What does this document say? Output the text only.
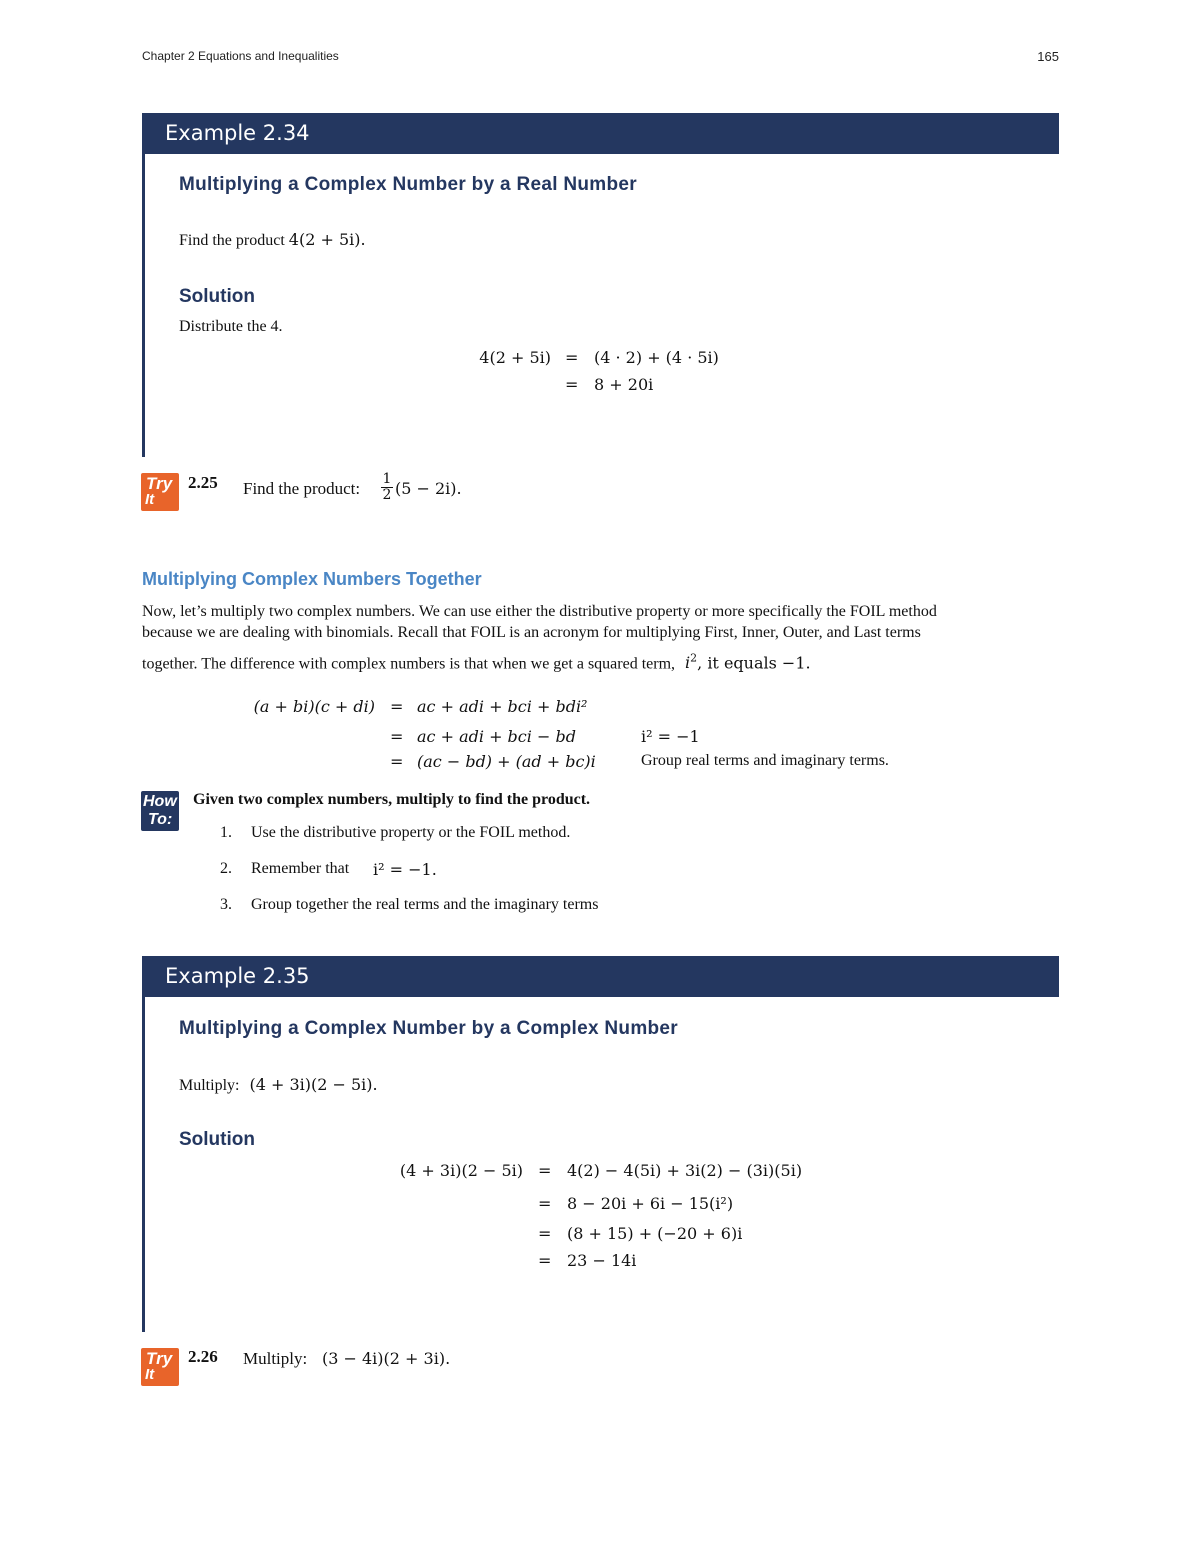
Chapter 2 Equations and Inequalities	165
Example 2.34
Multiplying a Complex Number by a Real Number
Find the product 4(2 + 5i).
Solution
Distribute the 4.
4(2 + 5i) = (4 · 2) + (4 · 5i)
= 8 + 20i
Try
It
2.25 Find the product: $\frac{1}{2} (5 - 2i)$.
Multiplying Complex Numbers Together
Now, let’s multiply two complex numbers. We can use either the distributive property or more specifically the FOIL method
because we are dealing with binomials. Recall that FOIL is an acronym for multiplying First, Inner, Outer, and Last terms
together. The difference with complex numbers is that when we get a squared term, $i^2$, it equals −1.
(a + bi)(c + di) = ac + adi + bci + bdi²
= ac + adi + bci − bd	i² = −1
= (ac − bd) + (ad + bc)i	Group real terms and imaginary terms.
How
To:
Given two complex numbers, multiply to find the product.
1. Use the distributive property or the FOIL method.
2. Remember that i² = −1.
3. Group together the real terms and the imaginary terms
Example 2.35
Multiplying a Complex Number by a Complex Number
Multiply: (4 + 3i)(2 − 5i).
Solution
(4 + 3i)(2 − 5i) = 4(2) − 4(5i) + 3i(2) − (3i)(5i)
= 8 − 20i + 6i − 15(i²)
= (8 + 15) + (−20 + 6)i
= 23 − 14i
Try
It
2.26 Multiply: (3 − 4i)(2 + 3i).
